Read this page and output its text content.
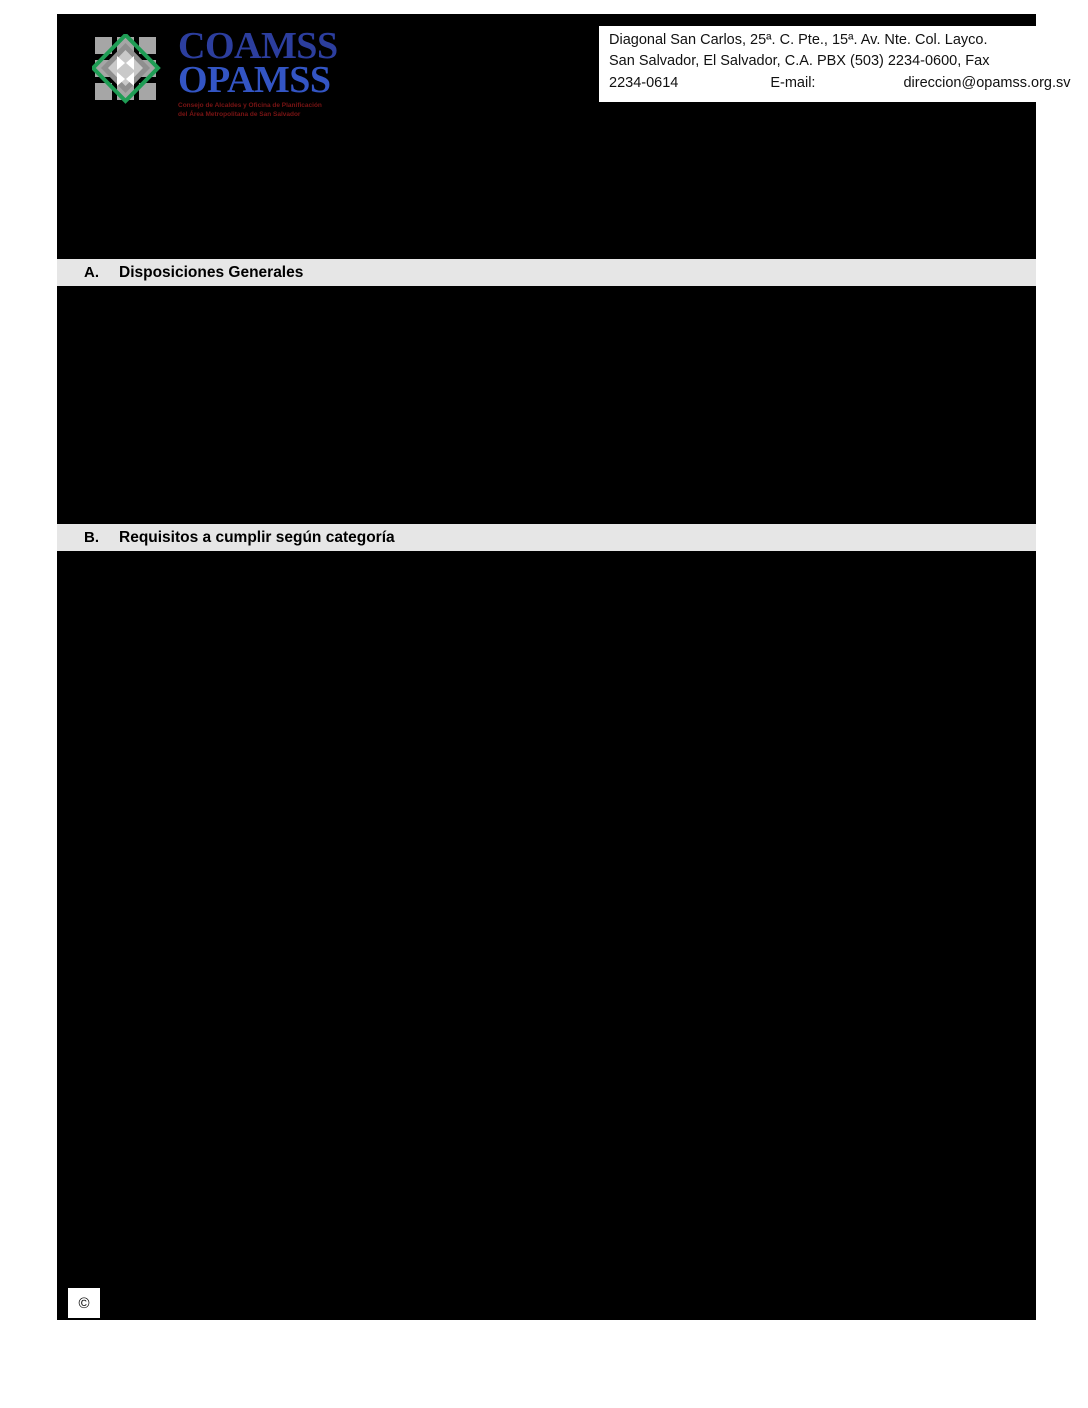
COAMSS
OPAMSS
Consejo de Alcaldes y Oficina de Planificación del Área Metropolitana de San Salvador
Diagonal San Carlos, 25ª. C. Pte., 15ª. Av. Nte. Col. Layco.
San Salvador, El Salvador, C.A. PBX (503) 2234-0600, Fax
2234-0614	E-mail:	direccion@opamss.org.sv
A.	Disposiciones Generales
B.	Requisitos a cumplir según categoría
©
